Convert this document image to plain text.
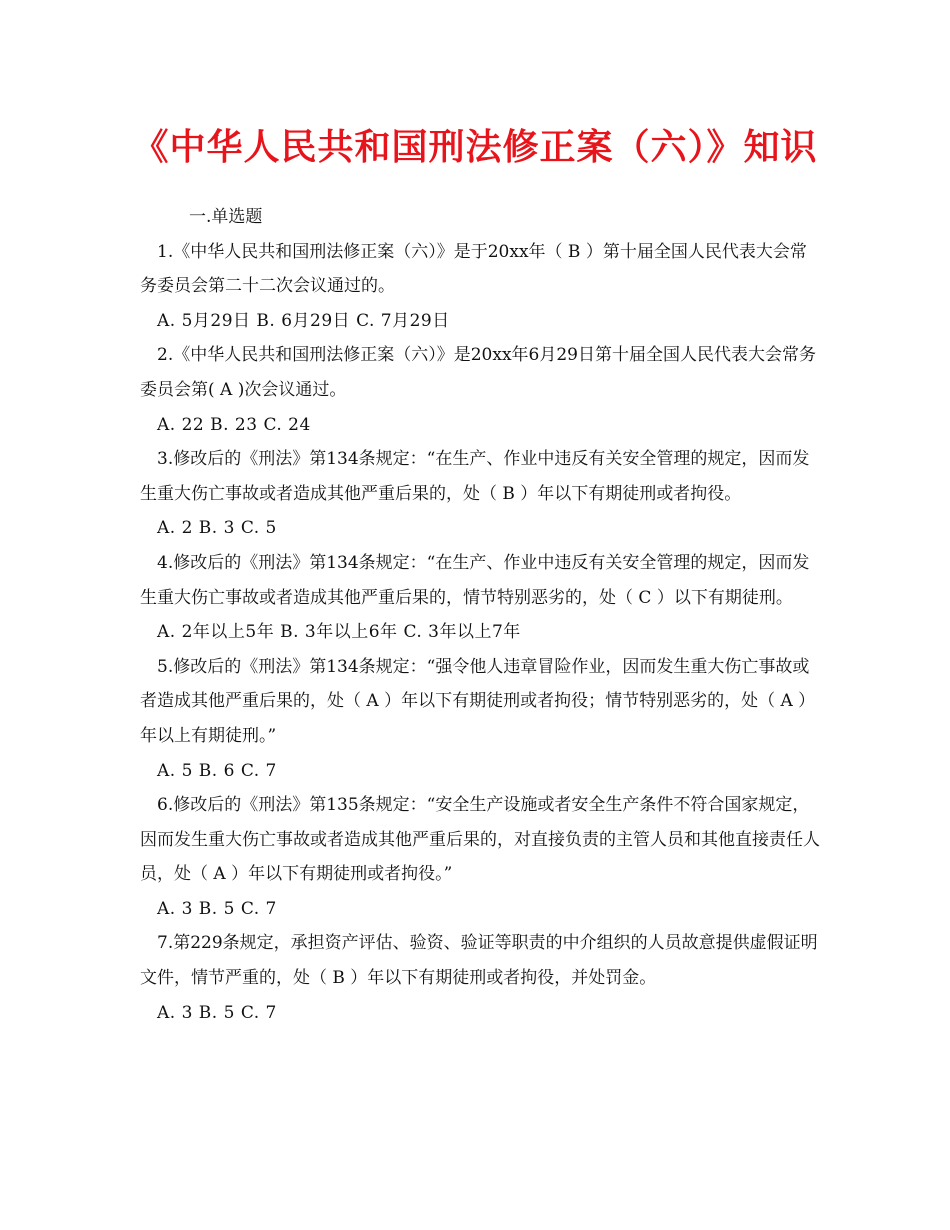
《中华人民共和国刑法修正案（六）》知识
一.单选题
1.《中华人民共和国刑法修正案（六）》是于20xx年（ B ）第十届全国人民代表大会常务委员会第二十二次会议通过的。
A. 5月29日 B. 6月29日 C. 7月29日
2.《中华人民共和国刑法修正案（六）》是20xx年6月29日第十届全国人民代表大会常务委员会第( A )次会议通过。
A. 22 B. 23 C. 24
3.修改后的《刑法》第134条规定：“在生产、作业中违反有关安全管理的规定，因而发生重大伤亡事故或者造成其他严重后果的，处（ B ）年以下有期徒刑或者拘役。
A. 2 B. 3 C. 5
4.修改后的《刑法》第134条规定：“在生产、作业中违反有关安全管理的规定，因而发生重大伤亡事故或者造成其他严重后果的，情节特别恶劣的，处（ C ）以下有期徒刑。
A. 2年以上5年 B. 3年以上6年 C. 3年以上7年
5.修改后的《刑法》第134条规定：“强令他人违章冒险作业，因而发生重大伤亡事故或者造成其他严重后果的，处（ A ）年以下有期徒刑或者拘役；情节特别恶劣的，处（ A ）年以上有期徒刑。”
A. 5 B. 6 C. 7
6.修改后的《刑法》第135条规定：“安全生产设施或者安全生产条件不符合国家规定，因而发生重大伤亡事故或者造成其他严重后果的，对直接负责的主管人员和其他直接责任人员，处（ A ）年以下有期徒刑或者拘役。”
A. 3 B. 5 C. 7
7.第229条规定，承担资产评估、验资、验证等职责的中介组织的人员故意提供虚假证明文件，情节严重的，处（ B ）年以下有期徒刑或者拘役，并处罚金。
A. 3 B. 5 C. 7
